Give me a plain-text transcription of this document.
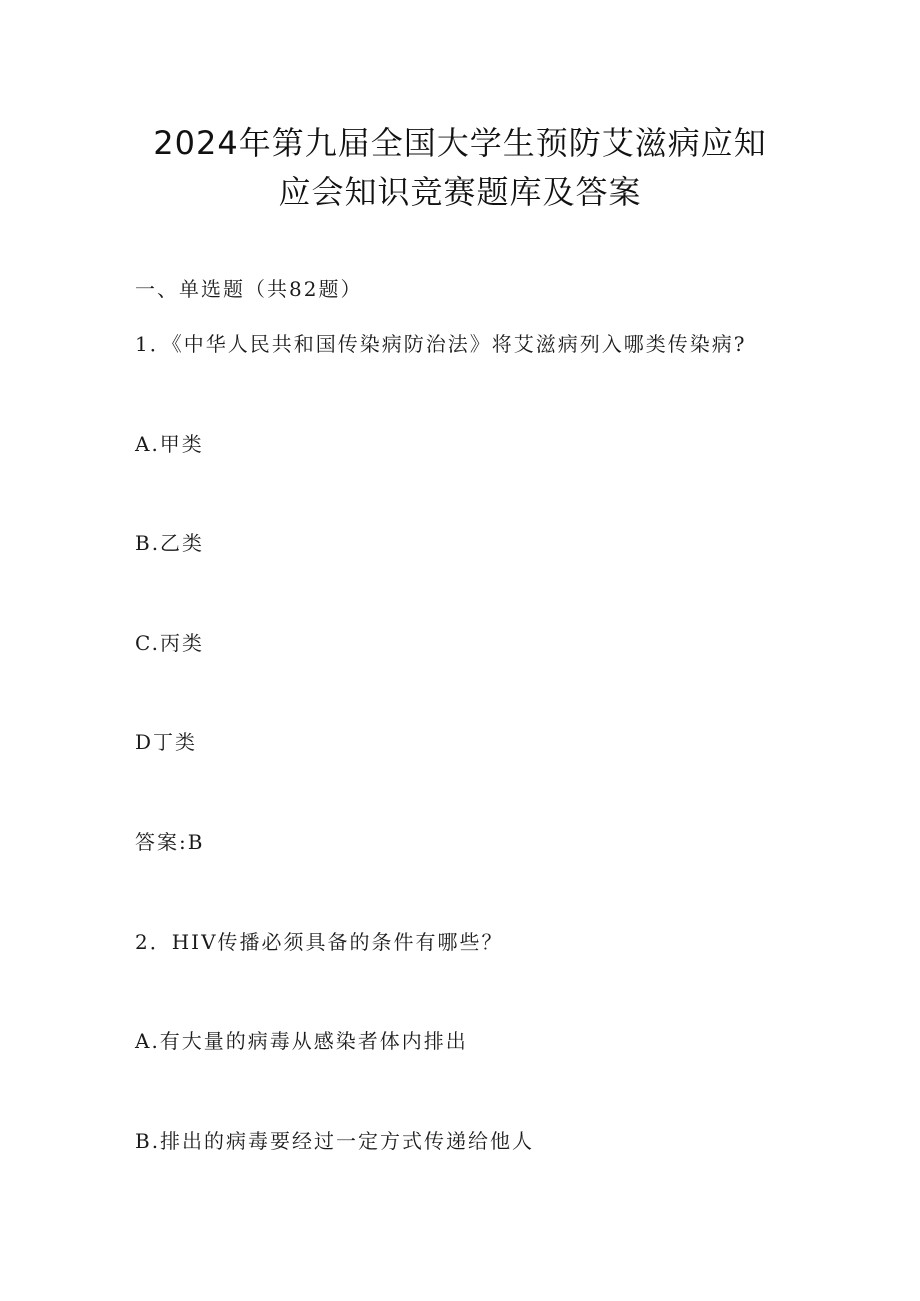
2024年第九届全国大学生预防艾滋病应知
应会知识竞赛题库及答案
一、单选题（共82题）
1．《中华人民共和国传染病防治法》将艾滋病列入哪类传染病?
A.甲类
B.乙类
C.丙类
D丁类
答案:B
2．HIV传播必须具备的条件有哪些？
A.有大量的病毒从感染者体内排出
B.排出的病毒要经过一定方式传递给他人
